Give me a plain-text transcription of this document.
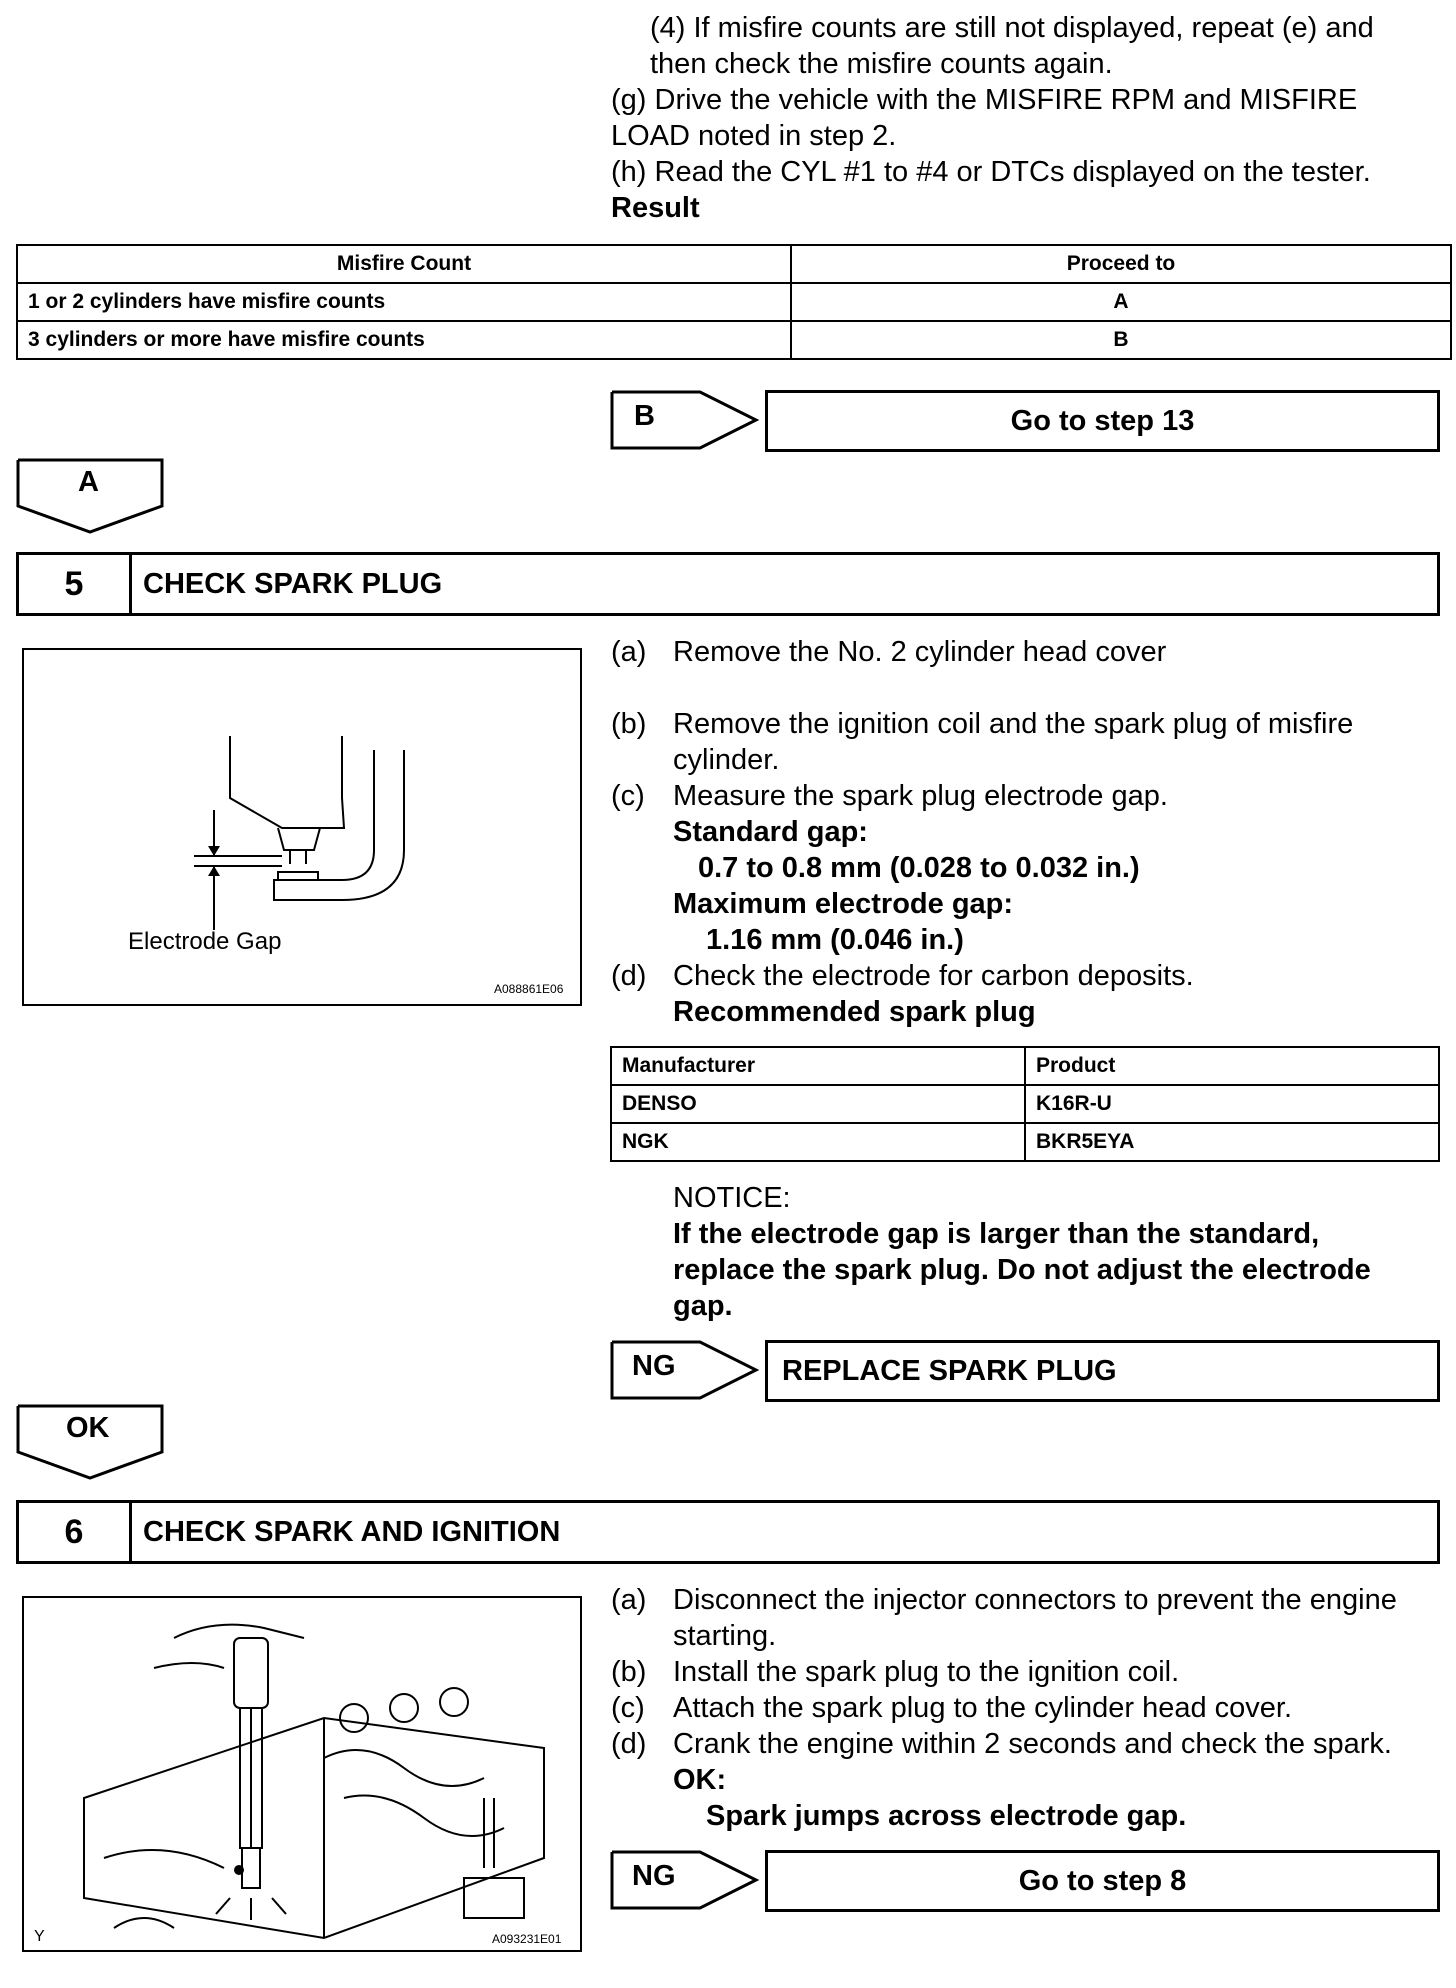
(4) If misfire counts are still not displayed, repeat (e) and
then check the misfire counts again.
(g) Drive the vehicle with the MISFIRE RPM and MISFIRE
LOAD noted in step 2.
(h) Read the CYL #1 to #4 or DTCs displayed on the tester.
Result
Misfire Count	Proceed to
1 or 2 cylinders have misfire counts	A
3 cylinders or more have misfire counts	B
B	Go to step 13
A
5	CHECK SPARK PLUG
Electrode Gap
A088861E06
(a) Remove the No. 2 cylinder head cover
(b) Remove the ignition coil and the spark plug of misfire
cylinder.
(c) Measure the spark plug electrode gap.
Standard gap:
0.7 to 0.8 mm (0.028 to 0.032 in.)
Maximum electrode gap:
1.16 mm (0.046 in.)
(d) Check the electrode for carbon deposits.
Recommended spark plug
Manufacturer	Product
DENSO	K16R-U
NGK	BKR5EYA
NOTICE:
If the electrode gap is larger than the standard,
replace the spark plug. Do not adjust the electrode
gap.
NG	REPLACE SPARK PLUG
OK
6	CHECK SPARK AND IGNITION
Y	A093231E01
(a) Disconnect the injector connectors to prevent the engine
starting.
(b) Install the spark plug to the ignition coil.
(c) Attach the spark plug to the cylinder head cover.
(d) Crank the engine within 2 seconds and check the spark.
OK:
Spark jumps across electrode gap.
NG	Go to step 8
